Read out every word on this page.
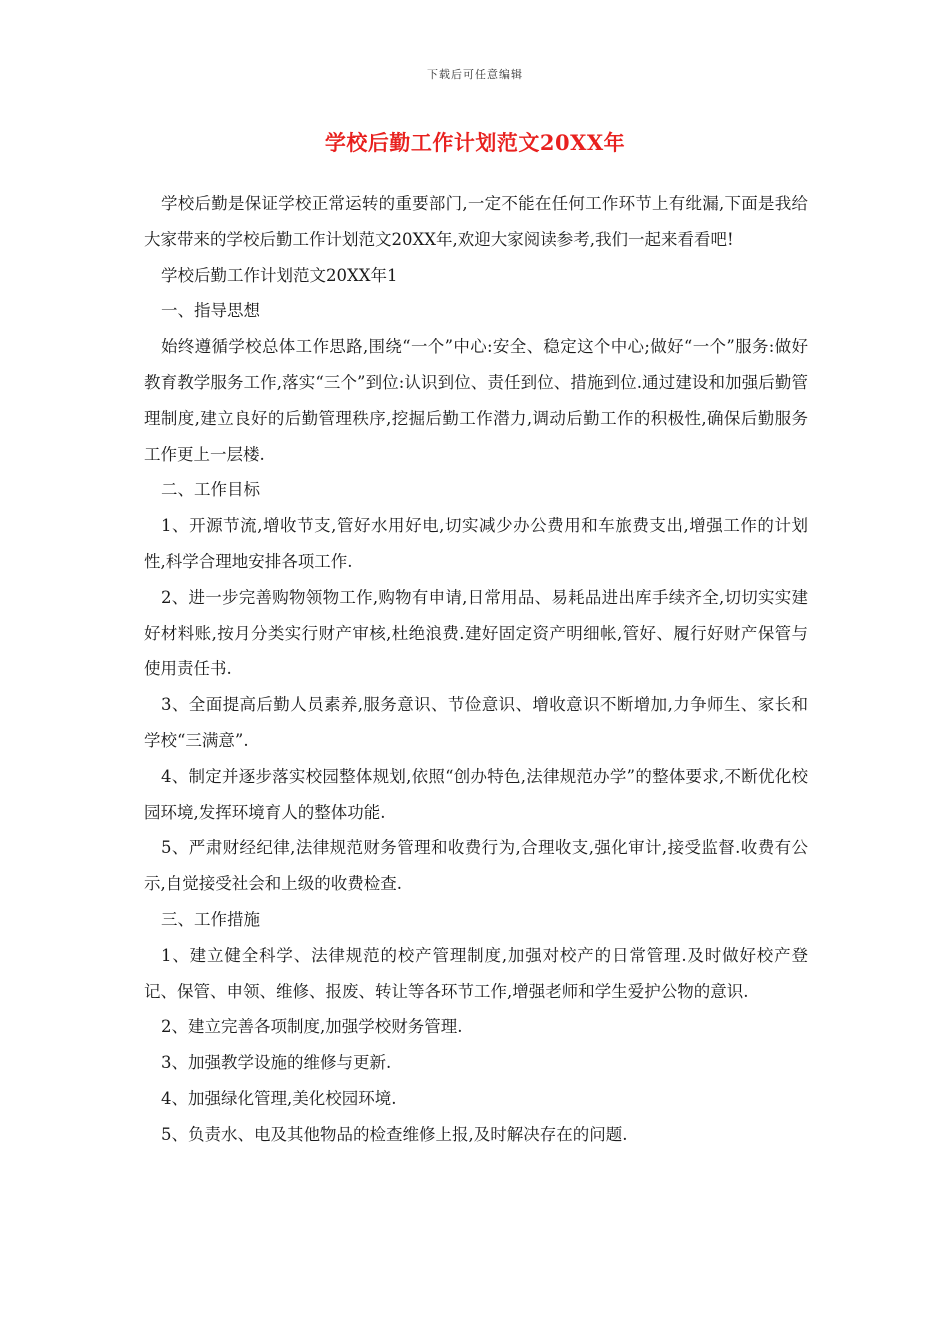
下载后可任意编辑
学校后勤工作计划范文20XX年

学校后勤是保证学校正常运转的重要部门,一定不能在任何工作环节上有纰漏,下面是我给大家带来的学校后勤工作计划范文20XX年,欢迎大家阅读参考,我们一起来看看吧!

学校后勤工作计划范文20XX年1

一、指导思想

始终遵循学校总体工作思路,围绕“一个”中心:安全、稳定这个中心;做好“一个”服务:做好教育教学服务工作,落实“三个”到位:认识到位、责任到位、措施到位.通过建设和加强后勤管理制度,建立良好的后勤管理秩序,挖掘后勤工作潜力,调动后勤工作的积极性,确保后勤服务工作更上一层楼.

二、工作目标

1、开源节流,增收节支,管好水用好电,切实减少办公费用和车旅费支出,增强工作的计划性,科学合理地安排各项工作.

2、进一步完善购物领物工作,购物有申请,日常用品、易耗品进出库手续齐全,切切实实建好材料账,按月分类实行财产审核,杜绝浪费.建好固定资产明细帐,管好、履行好财产保管与使用责任书.

3、全面提高后勤人员素养,服务意识、节俭意识、增收意识不断增加,力争师生、家长和学校“三满意”.

4、制定并逐步落实校园整体规划,依照“创办特色,法律规范办学”的整体要求,不断优化校园环境,发挥环境育人的整体功能.

5、严肃财经纪律,法律规范财务管理和收费行为,合理收支,强化审计,接受监督.收费有公示,自觉接受社会和上级的收费检查.

三、工作措施

1、建立健全科学、法律规范的校产管理制度,加强对校产的日常管理.及时做好校产登记、保管、申领、维修、报废、转让等各环节工作,增强老师和学生爱护公物的意识.

2、建立完善各项制度,加强学校财务管理.

3、加强教学设施的维修与更新.

4、加强绿化管理,美化校园环境.

5、负责水、电及其他物品的检查维修上报,及时解决存在的问题.
